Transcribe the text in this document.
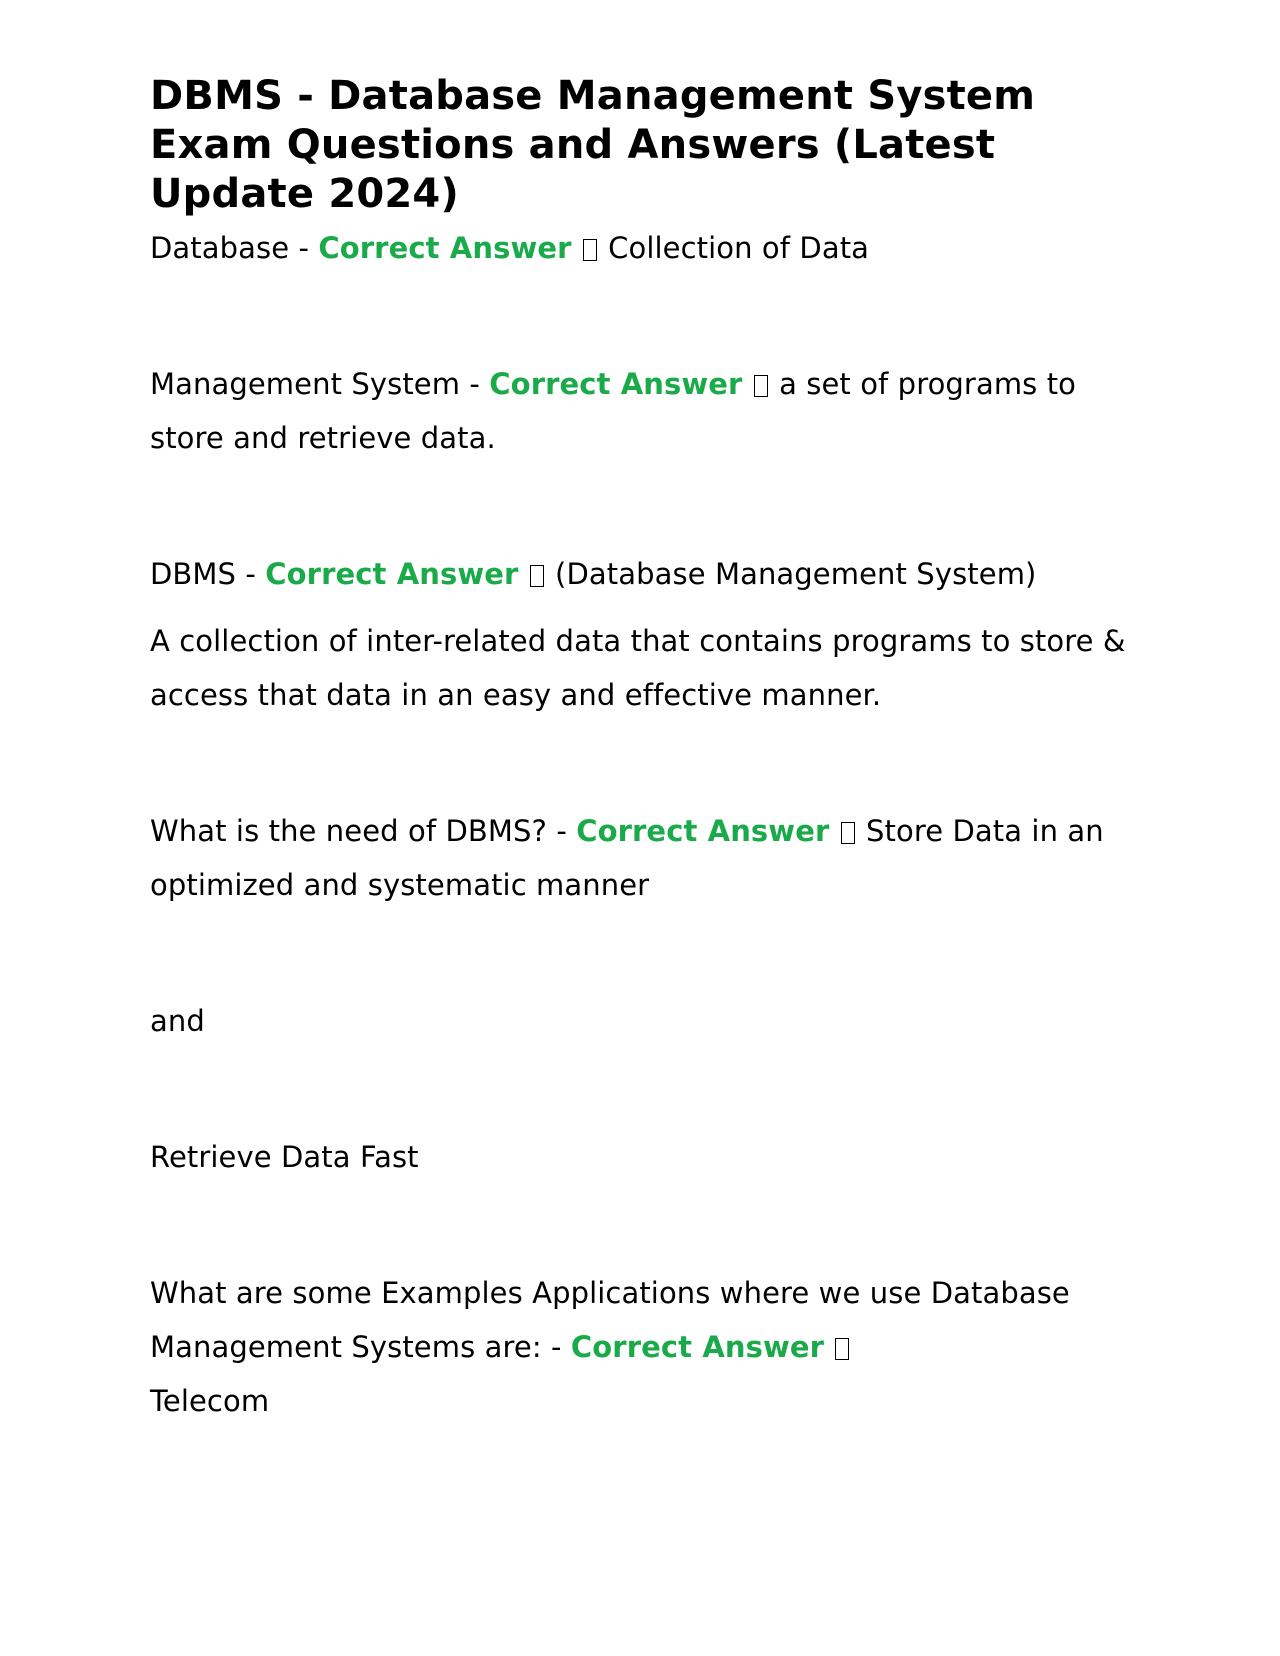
DBMS - Database Management System Exam Questions and Answers (Latest Update 2024)

Database - Correct Answer  Collection of Data

Management System - Correct Answer  a set of programs to store and retrieve data.

DBMS - Correct Answer  (Database Management System)

A collection of inter-related data that contains programs to store & access that data in an easy and effective manner.

What is the need of DBMS? - Correct Answer  Store Data in an optimized and systematic manner

and

Retrieve Data Fast

What are some Examples Applications where we use Database Management Systems are: - Correct Answer
Telecom
